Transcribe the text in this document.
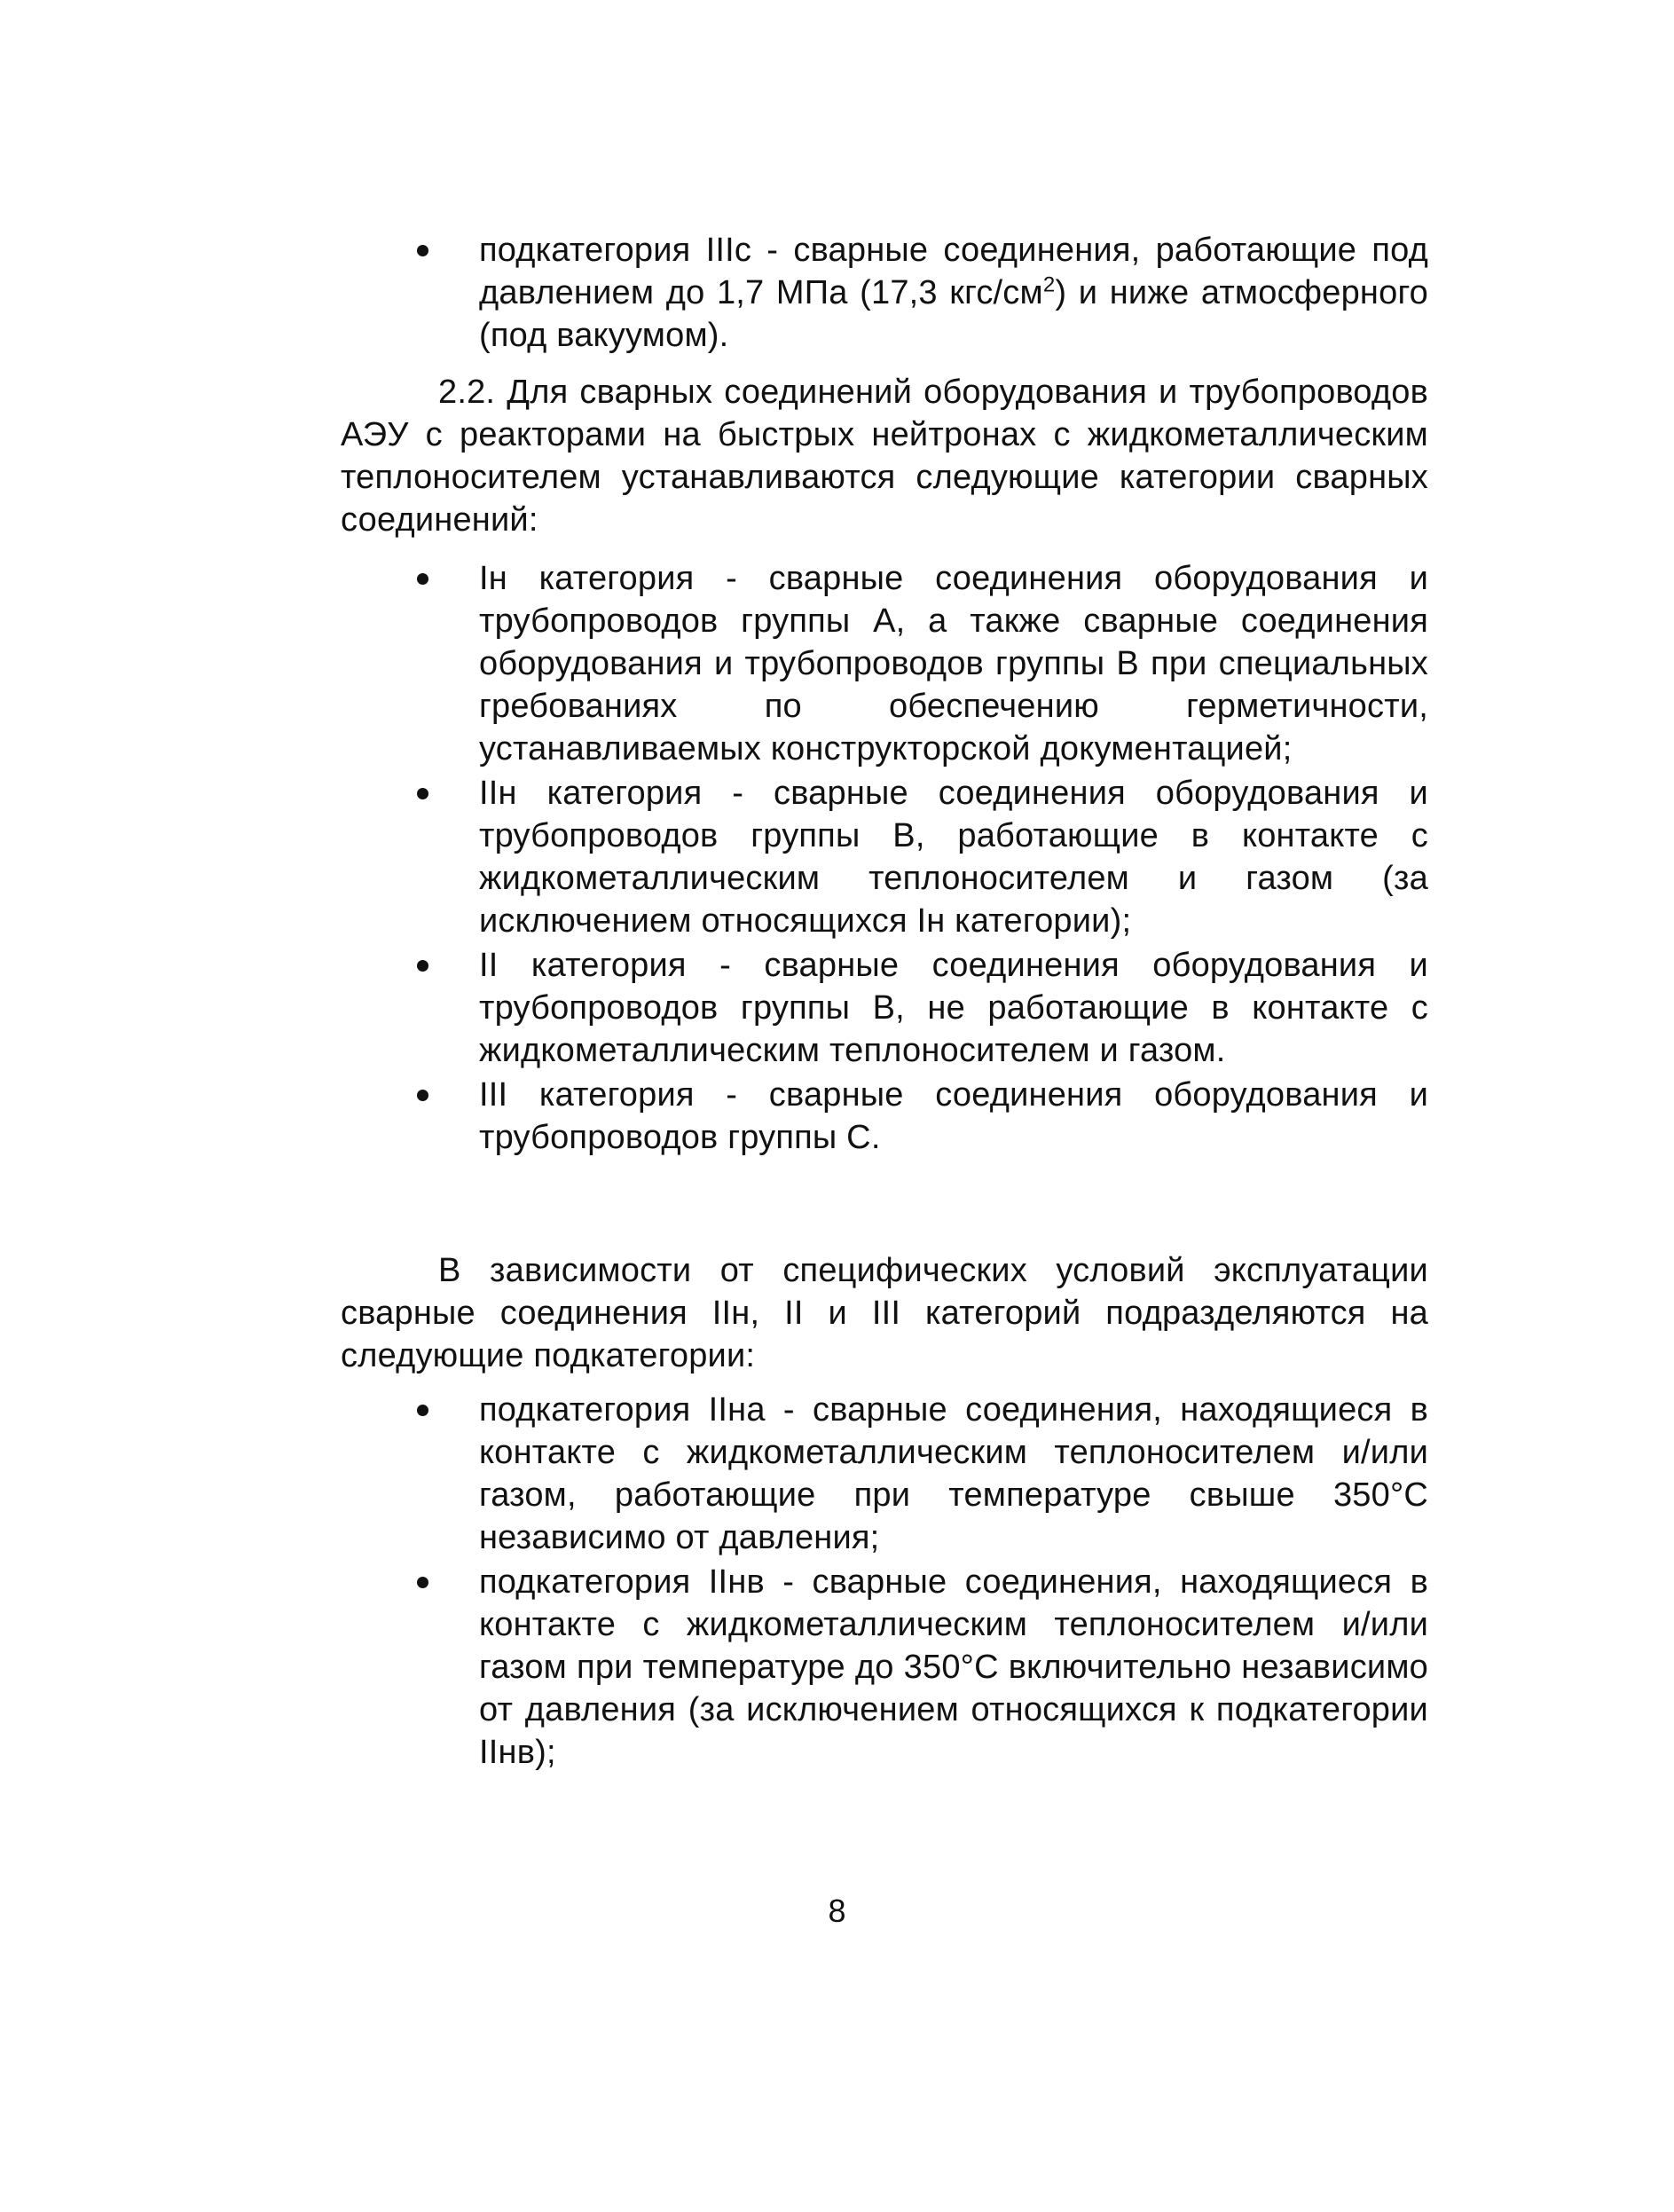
подкатегория IIIс - сварные соединения, работающие под давлением до 1,7 МПа (17,3 кгс/$см^2$) и ниже атмосферного (под вакуумом).
2.2. Для сварных соединений оборудования и трубопроводов АЭУ с реакторами на быстрых нейтронах с жидкометаллическим теплоносителем устанавливаются следующие категории сварных соединений:
Iн категория - сварные соединения оборудования и трубопроводов группы А, а также сварные соединения оборудования и трубопроводов группы В при специальных гребованиях по обеспечению герметичности, устанавливаемых конструкторской документацией;
IIн категория - сварные соединения оборудования и трубопроводов группы В, работающие в контакте с жидкометаллическим теплоносителем и газом (за исключением относящихся Iн категории);
II категория - сварные соединения оборудования и трубопроводов группы В, не работающие в контакте с жидкометаллическим теплоносителем и газом.
III категория - сварные соединения оборудования и трубопроводов группы С.
В зависимости от специфических условий эксплуатации сварные соединения IIн, II и III категорий подразделяются на следующие подкатегории:
подкатегория IIна - сварные соединения, находящиеся в контакте с жидкометаллическим теплоносителем и/или газом, работающие при температуре свыше 350°С независимо от давления;
подкатегория IIнв - сварные соединения, находящиеся в контакте с жидкометаллическим теплоносителем и/или газом при температуре до 350°С включительно независимо от давления (за исключением относящихся к подкатегории IIнв);
8
